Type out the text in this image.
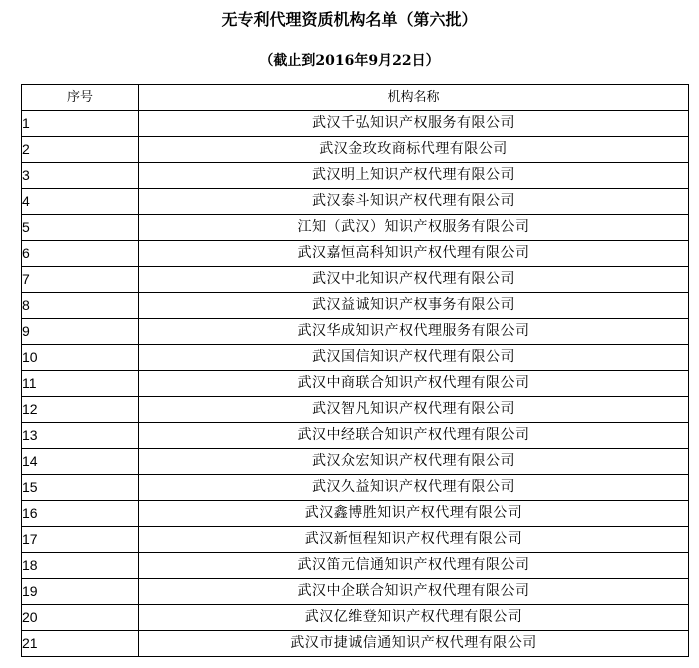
无专利代理资质机构名单（第六批）
（截止到2016年9月22日）
序号	机构名称
1	武汉千弘知识产权服务有限公司
2	武汉金玫玫商标代理有限公司
3	武汉明上知识产权代理有限公司
4	武汉泰斗知识产权代理有限公司
5	江知（武汉）知识产权服务有限公司
6	武汉嘉恒高科知识产权代理有限公司
7	武汉中北知识产权代理有限公司
8	武汉益诚知识产权事务有限公司
9	武汉华成知识产权代理服务有限公司
10	武汉国信知识产权代理有限公司
11	武汉中商联合知识产权代理有限公司
12	武汉智凡知识产权代理有限公司
13	武汉中经联合知识产权代理有限公司
14	武汉众宏知识产权代理有限公司
15	武汉久益知识产权代理有限公司
16	武汉鑫博胜知识产权代理有限公司
17	武汉新恒程知识产权代理有限公司
18	武汉笛元信通知识产权代理有限公司
19	武汉中企联合知识产权代理有限公司
20	武汉亿维登知识产权代理有限公司
21	武汉市捷诚信通知识产权代理有限公司
